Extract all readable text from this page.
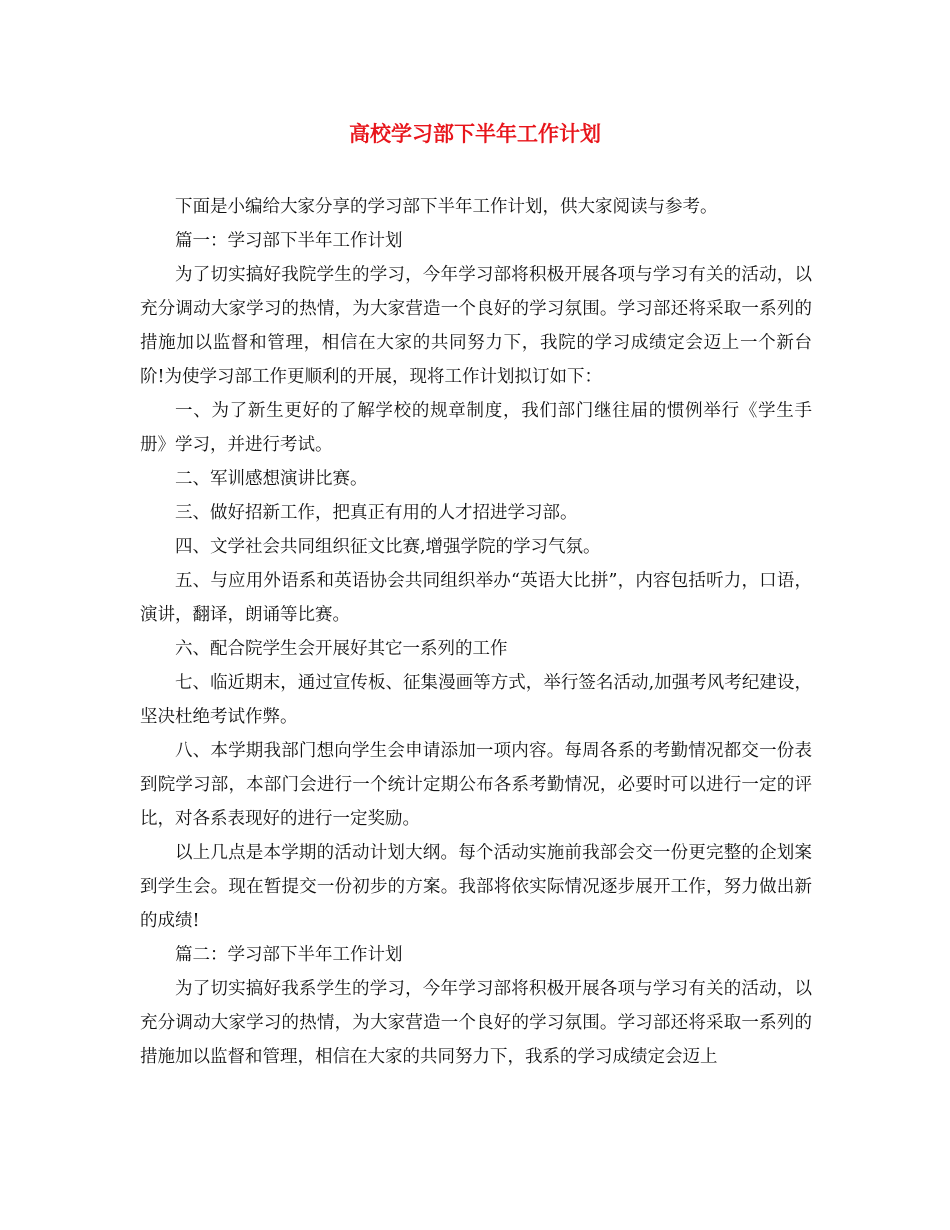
高校学习部下半年工作计划

下面是小编给大家分享的学习部下半年工作计划，供大家阅读与参考。

篇一：学习部下半年工作计划

为了切实搞好我院学生的学习，今年学习部将积极开展各项与学习有关的活动，以充分调动大家学习的热情，为大家营造一个良好的学习氛围。学习部还将采取一系列的措施加以监督和管理，相信在大家的共同努力下，我院的学习成绩定会迈上一个新台阶!为使学习部工作更顺利的开展，现将工作计划拟订如下：

一、为了新生更好的了解学校的规章制度，我们部门继往届的惯例举行《学生手册》学习，并进行考试。

二、军训感想演讲比赛。

三、做好招新工作，把真正有用的人才招进学习部。

四、文学社会共同组织征文比赛,增强学院的学习气氛。

五、与应用外语系和英语协会共同组织举办“英语大比拼”，内容包括听力，口语，演讲，翻译，朗诵等比赛。

六、配合院学生会开展好其它一系列的工作

七、临近期末，通过宣传板、征集漫画等方式，举行签名活动,加强考风考纪建设，坚决杜绝考试作弊。

八、本学期我部门想向学生会申请添加一项内容。每周各系的考勤情况都交一份表到院学习部，本部门会进行一个统计定期公布各系考勤情况，必要时可以进行一定的评比，对各系表现好的进行一定奖励。

以上几点是本学期的活动计划大纲。每个活动实施前我部会交一份更完整的企划案到学生会。现在暂提交一份初步的方案。我部将依实际情况逐步展开工作，努力做出新的成绩!

篇二：学习部下半年工作计划

为了切实搞好我系学生的学习，今年学习部将积极开展各项与学习有关的活动，以充分调动大家学习的热情，为大家营造一个良好的学习氛围。学习部还将采取一系列的措施加以监督和管理，相信在大家的共同努力下，我系的学习成绩定会迈上
